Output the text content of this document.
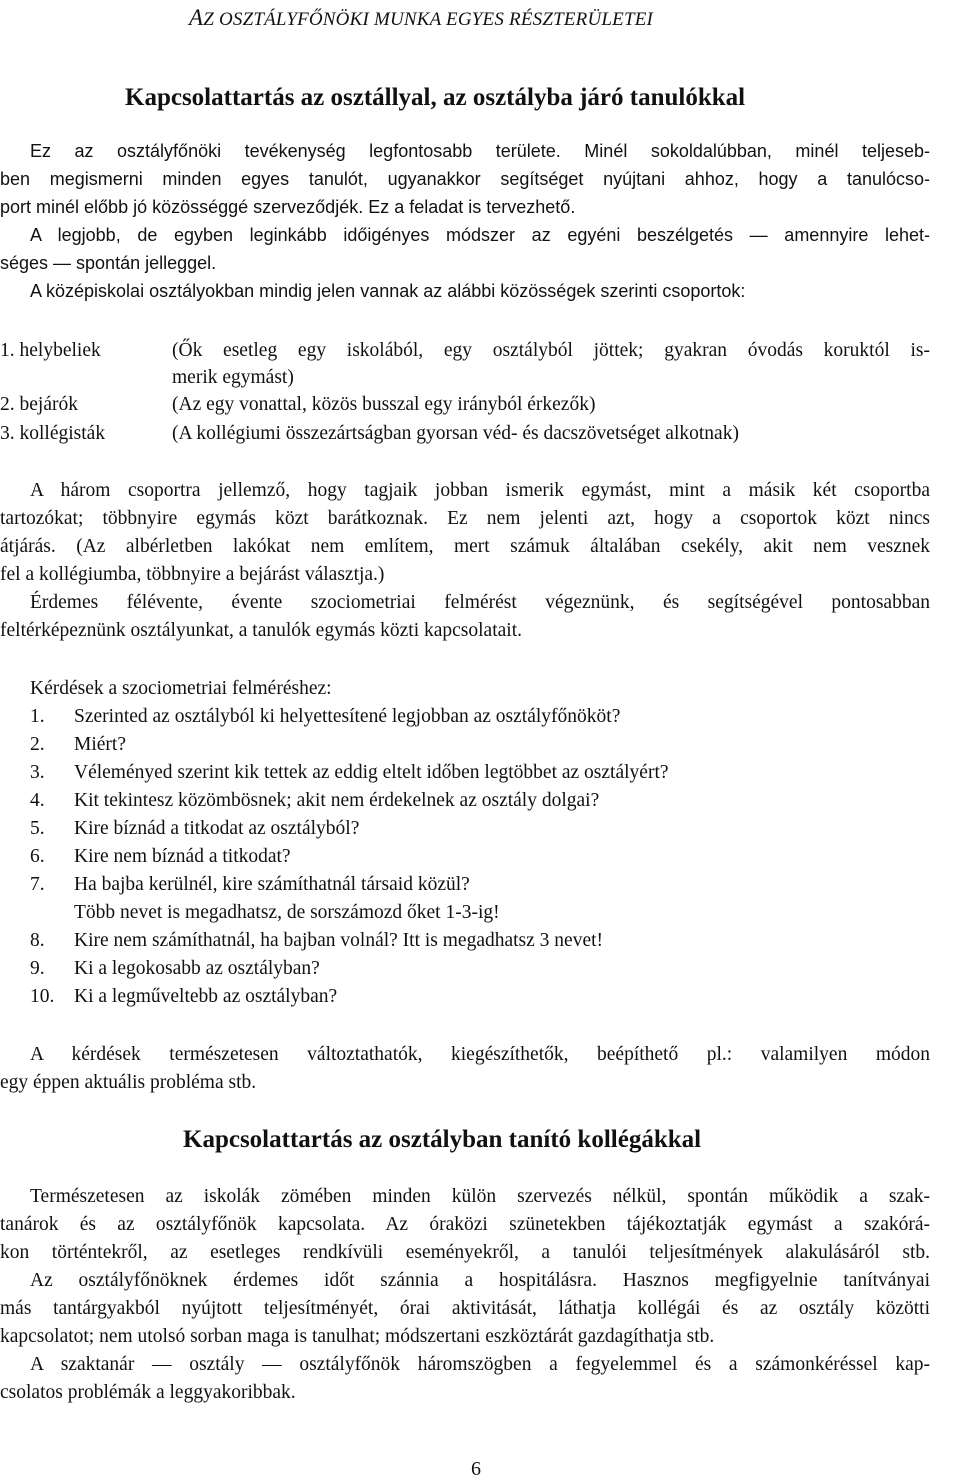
AZ OSZTÁLYFŐNÖKI MUNKA EGYES RÉSZTERÜLETEI
Kapcsolattartás az osztállyal, az osztályba járó tanulókkal
Ez az osztályfőnöki tevékenység legfontosabb területe. Minél sokoldalúbban, minél teljeseb-
ben megismerni minden egyes tanulót, ugyanakkor segítséget nyújtani ahhoz, hogy a tanulócso-
port minél előbb jó közösséggé szerveződjék. Ez a feladat is tervezhető.
A legjobb, de egyben leginkább időigényes módszer az egyéni beszélgetés — amennyire lehet-
séges — spontán jelleggel.
A középiskolai osztályokban mindig jelen vannak az alábbi közösségek szerinti csoportok:
1. helybeliek	(Ők esetleg egy iskolából, egy osztályból jöttek; gyakran óvodás koruktól is-
merik egymást)
2. bejárók	(Az egy vonattal, közös busszal egy irányból érkezők)
3. kollégisták	(A kollégiumi összezártságban gyorsan véd- és dacszövetséget alkotnak)
A három csoportra jellemző, hogy tagjaik jobban ismerik egymást, mint a másik két csoportba
tartozókat; többnyire egymás közt barátkoznak. Ez nem jelenti azt, hogy a csoportok közt nincs
átjárás. (Az albérletben lakókat nem említem, mert számuk általában csekély, akit nem vesznek
fel a kollégiumba, többnyire a bejárást választja.)
Érdemes félévente, évente szociometriai felmérést végeznünk, és segítségével pontosabban
feltérképeznünk osztályunkat, a tanulók egymás közti kapcsolatait.
Kérdések a szociometriai felméréshez:
1. Szerinted az osztályból ki helyettesítené legjobban az osztályfőnököt?
2. Miért?
3. Véleményed szerint kik tettek az eddig eltelt időben legtöbbet az osztályért?
4. Kit tekintesz közömbösnek; akit nem érdekelnek az osztály dolgai?
5. Kire bíznád a titkodat az osztályból?
6. Kire nem bíznád a titkodat?
7. Ha bajba kerülnél, kire számíthatnál társaid közül?
Több nevet is megadhatsz, de sorszámozd őket 1-3-ig!
8. Kire nem számíthatnál, ha bajban volnál? Itt is megadhatsz 3 nevet!
9. Ki a legokosabb az osztályban?
10. Ki a legműveltebb az osztályban?
A kérdések természetesen változtathatók, kiegészíthetők, beépíthető pl.: valamilyen módon
egy éppen aktuális probléma stb.
Kapcsolattartás az osztályban tanító kollégákkal
Természetesen az iskolák zömében minden külön szervezés nélkül, spontán működik a szak-
tanárok és az osztályfőnök kapcsolata. Az óraközi szünetekben tájékoztatják egymást a szakórá-
kon történtekről, az esetleges rendkívüli eseményekről, a tanulói teljesítmények alakulásáról stb.
Az osztályfőnöknek érdemes időt szánnia a hospitálásra. Hasznos megfigyelnie tanítványai
más tantárgyakból nyújtott teljesítményét, órai aktivitását, láthatja kollégái és az osztály közötti
kapcsolatot; nem utolsó sorban maga is tanulhat; módszertani eszköztárát gazdagíthatja stb.
A szaktanár — osztály — osztályfőnök háromszögben a fegyelemmel és a számonkéréssel kap-
csolatos problémák a leggyakoribbak.
6
